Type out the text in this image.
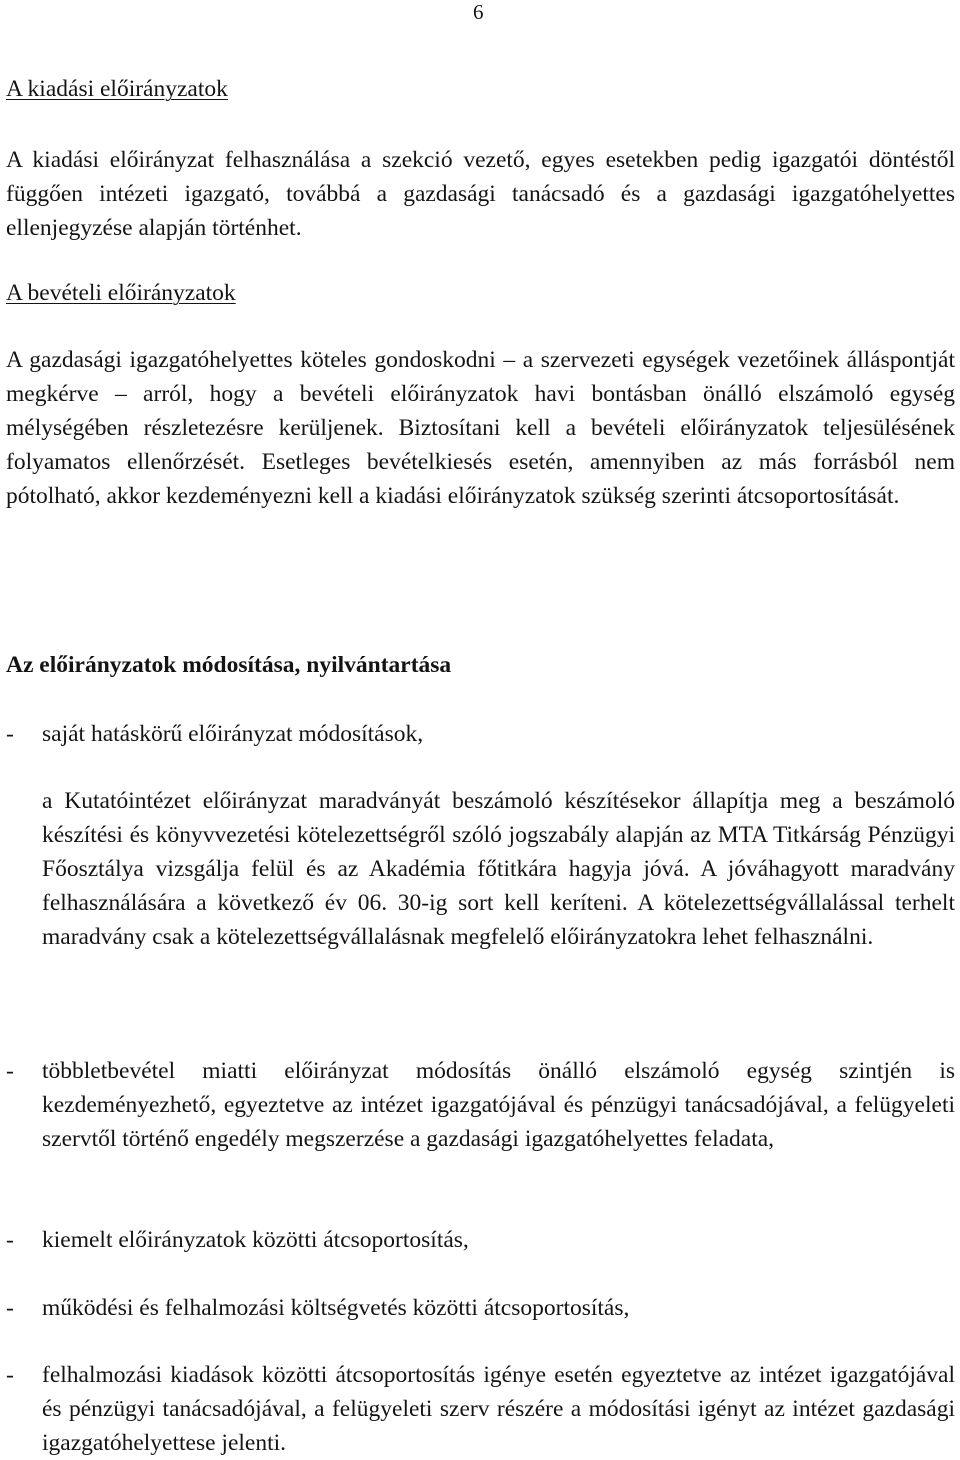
6

A kiadási előirányzatok

A kiadási előirányzat felhasználása a szekció vezető, egyes esetekben pedig igazgatói döntéstől függően intézeti igazgató, továbbá a gazdasági tanácsadó és a gazdasági igazgatóhelyettes ellenjegyzése alapján történhet.

A bevételi előirányzatok

A gazdasági igazgatóhelyettes köteles gondoskodni – a szervezeti egységek vezetőinek álláspontját megkérve – arról, hogy a bevételi előirányzatok havi bontásban önálló elszámoló egység mélységében részletezésre kerüljenek. Biztosítani kell a bevételi előirányzatok teljesülésének folyamatos ellenőrzését. Esetleges bevételkiesés esetén, amennyiben az más forrásból nem pótolható, akkor kezdeményezni kell a kiadási előirányzatok szükség szerinti átcsoportosítását.

Az előirányzatok módosítása, nyilvántartása

-	saját hatáskörű előirányzat módosítások,

a Kutatóintézet előirányzat maradványát beszámoló készítésekor állapítja meg a beszámoló készítési és könyvvezetési kötelezettségről szóló jogszabály alapján az MTA Titkárság Pénzügyi Főosztálya vizsgálja felül és az Akadémia főtitkára hagyja jóvá. A jóváhagyott maradvány felhasználására a következő év 06. 30-ig sort kell keríteni. A kötelezettségvállalással terhelt maradvány csak a kötelezettségvállalásnak megfelelő előirányzatokra lehet felhasználni.

-	többletbevétel miatti előirányzat módosítás önálló elszámoló egység szintjén is kezdeményezhető, egyeztetve az intézet igazgatójával és pénzügyi tanácsadójával, a felügyeleti szervtől történő engedély megszerzése a gazdasági igazgatóhelyettes feladata,
-	kiemelt előirányzatok közötti átcsoportosítás,
-	működési és felhalmozási költségvetés közötti átcsoportosítás,
-	felhalmozási kiadások közötti átcsoportosítás igénye esetén egyeztetve az intézet igazgatójával és pénzügyi tanácsadójával, a felügyeleti szerv részére a módosítási igényt az intézet gazdasági igazgatóhelyettese jelenti.
